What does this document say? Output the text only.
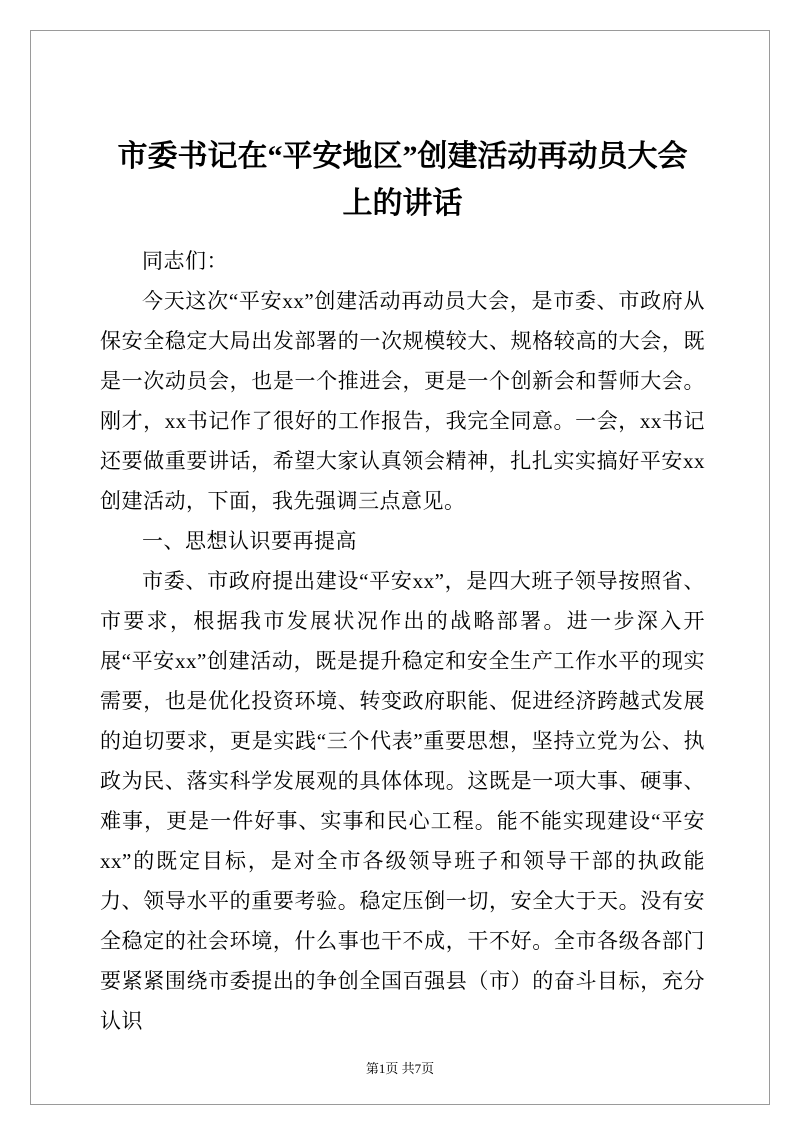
市委书记在“平安地区”创建活动再动员大会
上的讲话

同志们：

今天这次“平安xx”创建活动再动员大会，是市委、市政府从保安全稳定大局出发部署的一次规模较大、规格较高的大会，既是一次动员会，也是一个推进会，更是一个创新会和誓师大会。刚才，xx书记作了很好的工作报告，我完全同意。一会，xx书记还要做重要讲话，希望大家认真领会精神，扎扎实实搞好平安xx创建活动，下面，我先强调三点意见。

一、思想认识要再提高

市委、市政府提出建设“平安xx”，是四大班子领导按照省、市要求，根据我市发展状况作出的战略部署。进一步深入开展“平安xx”创建活动，既是提升稳定和安全生产工作水平的现实需要，也是优化投资环境、转变政府职能、促进经济跨越式发展的迫切要求，更是实践“三个代表”重要思想，坚持立党为公、执政为民、落实科学发展观的具体体现。这既是一项大事、硬事、难事，更是一件好事、实事和民心工程。能不能实现建设“平安xx”的既定目标，是对全市各级领导班子和领导干部的执政能力、领导水平的重要考验。稳定压倒一切，安全大于天。没有安全稳定的社会环境，什么事也干不成，干不好。全市各级各部门要紧紧围绕市委提出的争创全国百强县（市）的奋斗目标，充分认识

第1页 共7页
